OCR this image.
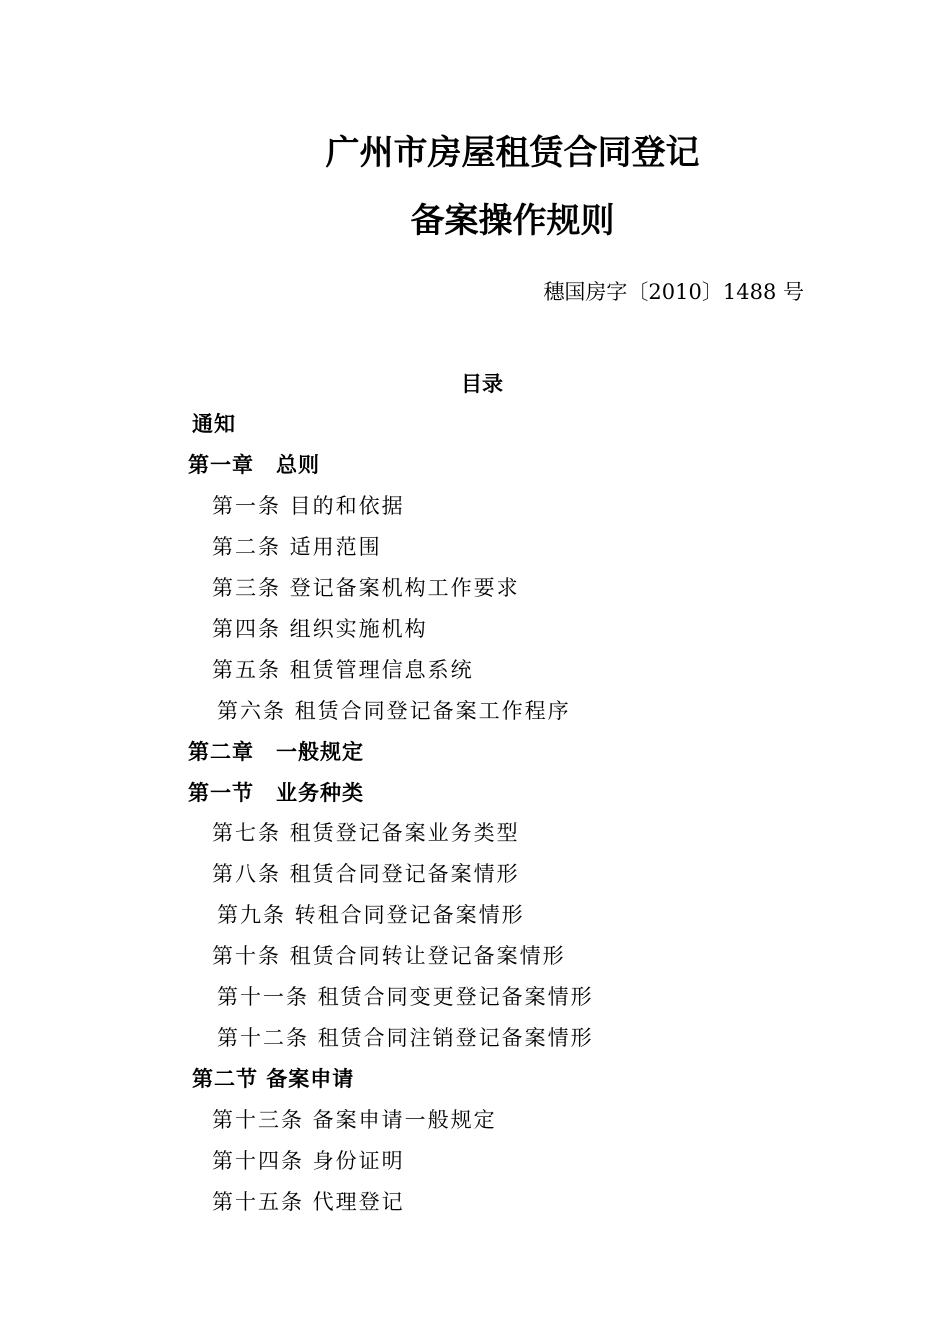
广州市房屋租赁合同登记
备案操作规则
穗国房字〔2010〕1488 号
目录
通知
第一章　总则
第一条 目的和依据
第二条 适用范围
第三条 登记备案机构工作要求
第四条 组织实施机构
第五条 租赁管理信息系统
第六条 租赁合同登记备案工作程序
第二章　一般规定
第一节　业务种类
第七条 租赁登记备案业务类型
第八条 租赁合同登记备案情形
第九条 转租合同登记备案情形
第十条 租赁合同转让登记备案情形
第十一条 租赁合同变更登记备案情形
第十二条 租赁合同注销登记备案情形
第二节 备案申请
第十三条 备案申请一般规定
第十四条 身份证明
第十五条 代理登记
